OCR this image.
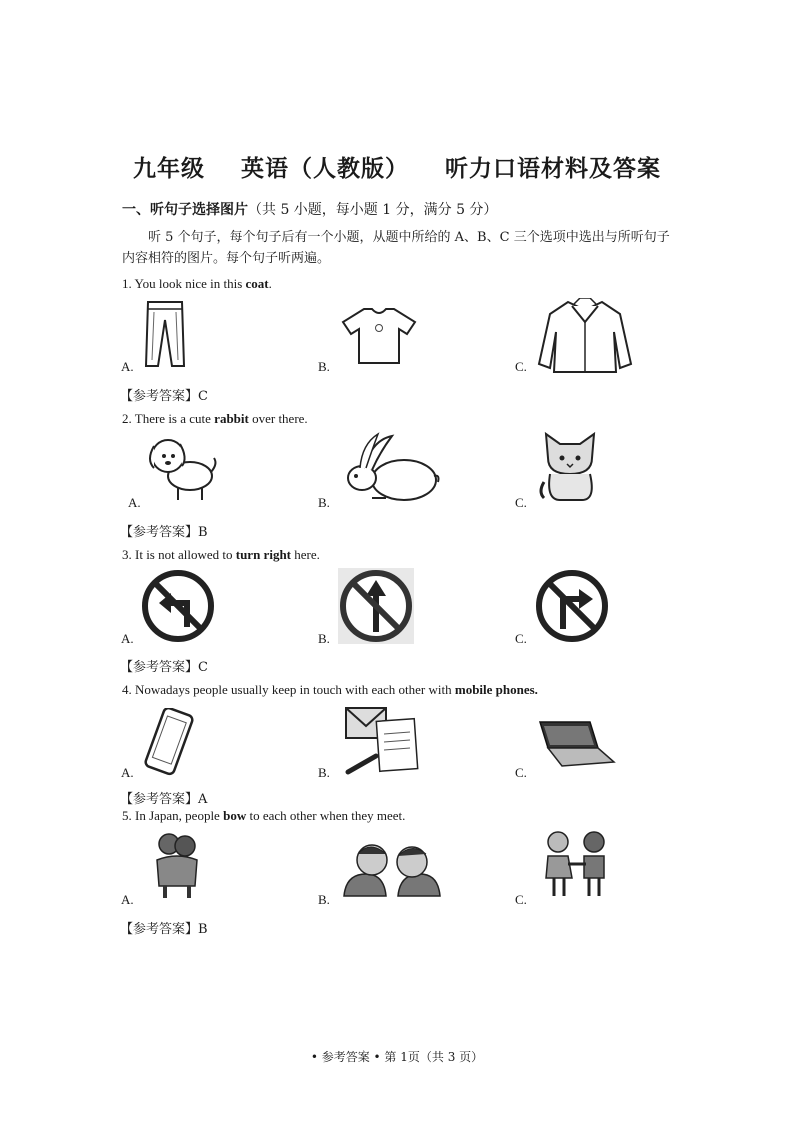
九年级    英语（人教版）    听力口语材料及答案
一、听句子选择图片（共 5 小题，每小题 1 分，满分 5 分）
听 5 个句子，每个句子后有一个小题，从题中所给的 A、B、C 三个选项中选出与所听句子内容相符的图片。每个句子听两遍。
1. You look nice in this coat.
A.	B.	C.
【参考答案】C
2. There is a cute rabbit over there.
A.	B.	C.
【参考答案】B
3. It is not allowed to turn right here.
A.	B.	C.
【参考答案】C
4. Nowadays people usually keep in touch with each other with mobile phones.
A.	B.	C.
【参考答案】A
5. In Japan, people bow to each other when they meet.
A.	B.	C.
【参考答案】B
• 参考答案 • 第 1页（共 3 页）
